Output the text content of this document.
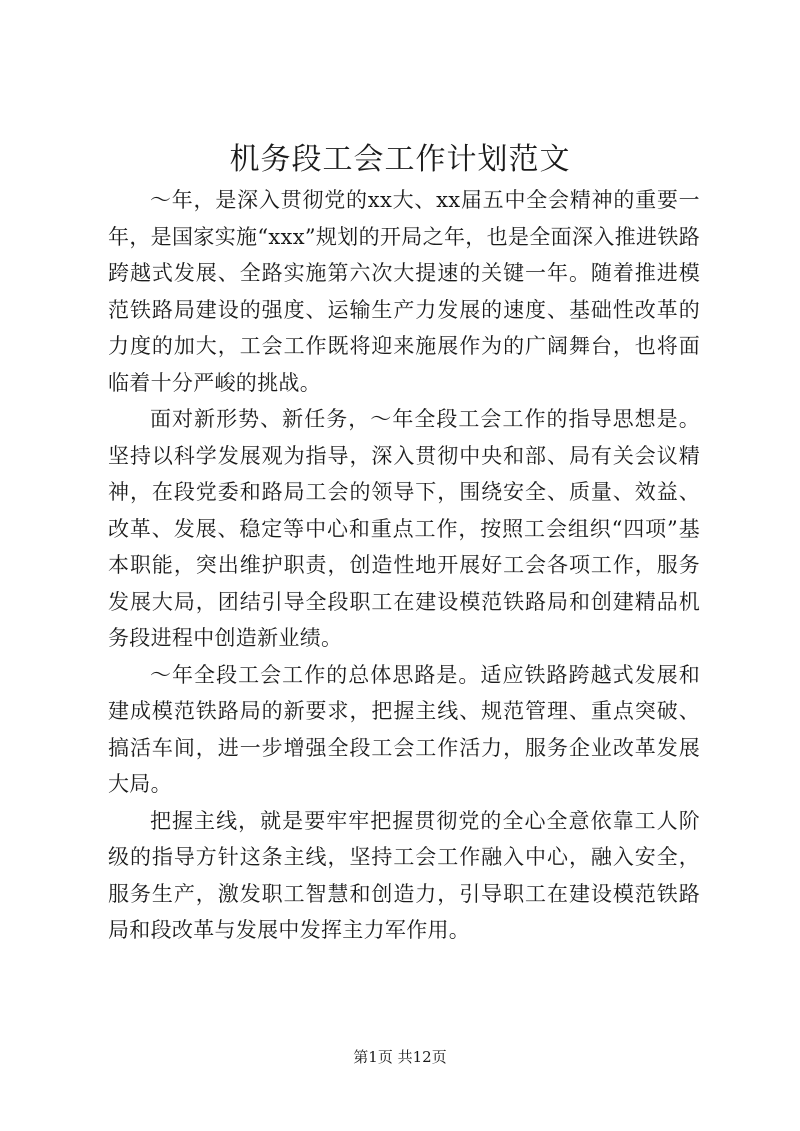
机务段工会工作计划范文

～年，是深入贯彻党的xx大、xx届五中全会精神的重要一年，是国家实施“xxx”规划的开局之年，也是全面深入推进铁路跨越式发展、全路实施第六次大提速的关键一年。随着推进模范铁路局建设的强度、运输生产力发展的速度、基础性改革的力度的加大，工会工作既将迎来施展作为的广阔舞台，也将面临着十分严峻的挑战。

面对新形势、新任务，～年全段工会工作的指导思想是。坚持以科学发展观为指导，深入贯彻中央和部、局有关会议精神，在段党委和路局工会的领导下，围绕安全、质量、效益、改革、发展、稳定等中心和重点工作，按照工会组织“四项”基本职能，突出维护职责，创造性地开展好工会各项工作，服务发展大局，团结引导全段职工在建设模范铁路局和创建精品机务段进程中创造新业绩。

～年全段工会工作的总体思路是。适应铁路跨越式发展和建成模范铁路局的新要求，把握主线、规范管理、重点突破、搞活车间，进一步增强全段工会工作活力，服务企业改革发展大局。

把握主线，就是要牢牢把握贯彻党的全心全意依靠工人阶级的指导方针这条主线，坚持工会工作融入中心，融入安全，服务生产，激发职工智慧和创造力，引导职工在建设模范铁路局和段改革与发展中发挥主力军作用。

第1页 共12页
